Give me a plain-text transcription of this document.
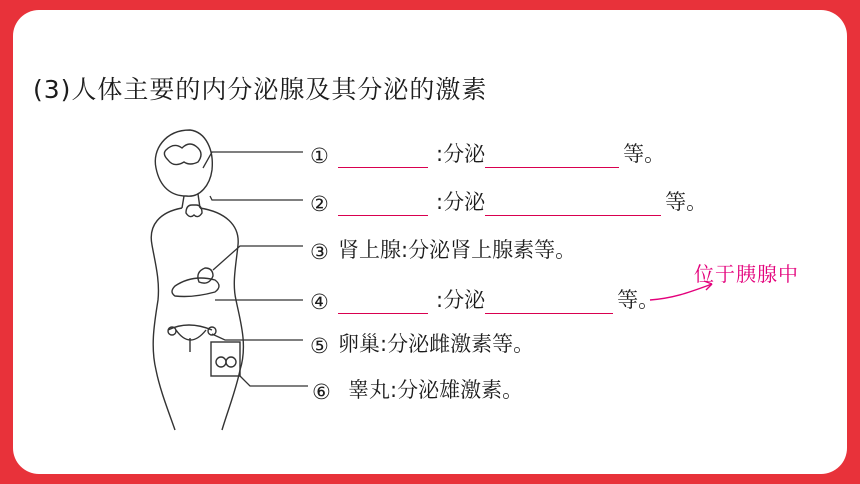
(3)人体主要的内分泌腺及其分泌的激素
①	:分泌	等。
②	:分泌	等。
③ 肾上腺:分泌肾上腺素等。
④	:分泌	等。
⑤ 卵巢:分泌雌激素等。
⑥ 睾丸:分泌雄激素。
位于胰腺中
